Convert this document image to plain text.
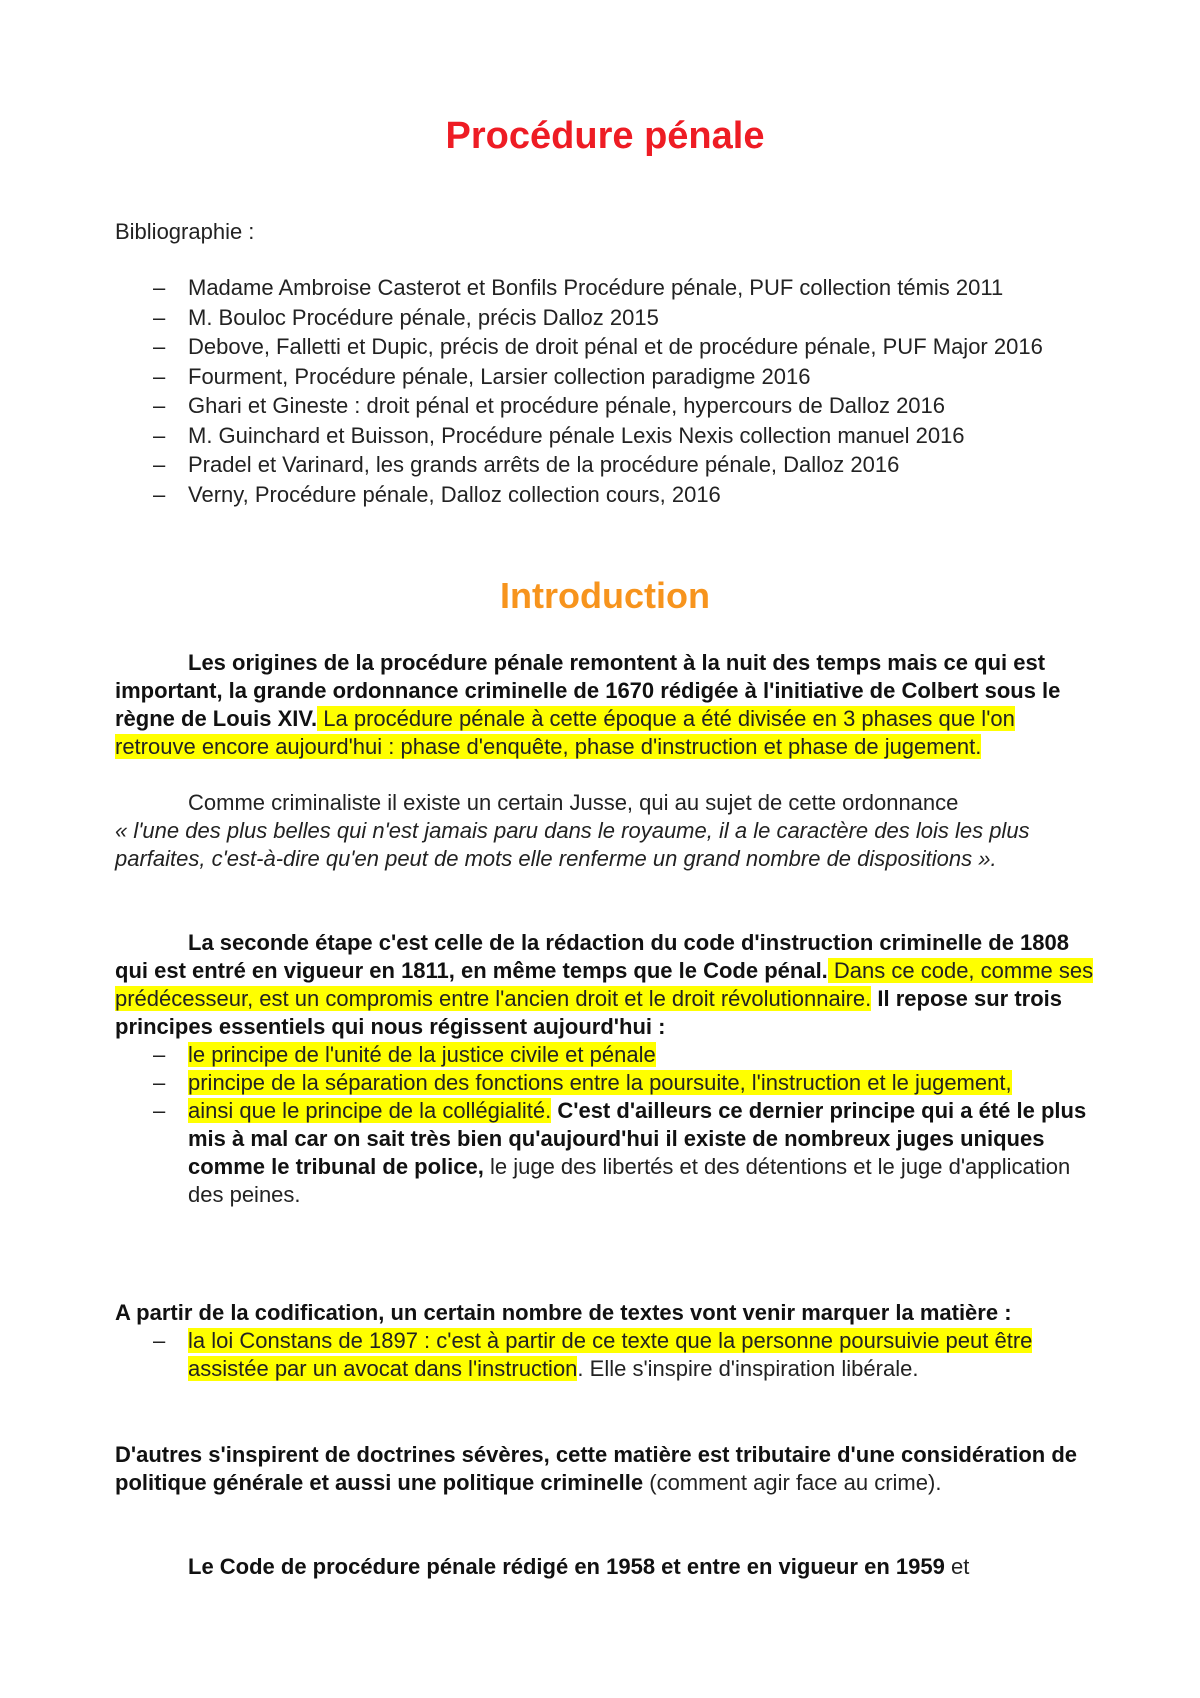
Procédure pénale

Bibliographie :

– Madame Ambroise Casterot et Bonfils Procédure pénale, PUF collection témis 2011
– M. Bouloc Procédure pénale, précis Dalloz 2015
– Debove, Falletti et Dupic, précis de droit pénal et de procédure pénale, PUF Major 2016
– Fourment, Procédure pénale, Larsier collection paradigme 2016
– Ghari et Gineste : droit pénal et procédure pénale, hypercours de Dalloz 2016
– M. Guinchard et Buisson, Procédure pénale Lexis Nexis collection manuel 2016
– Pradel et Varinard, les grands arrêts de la procédure pénale, Dalloz 2016
– Verny, Procédure pénale, Dalloz collection cours, 2016
Introduction

Les origines de la procédure pénale remontent à la nuit des temps mais ce qui est important, la grande ordonnance criminelle de 1670 rédigée à l'initiative de Colbert sous le règne de Louis XIV. La procédure pénale à cette époque a été divisée en 3 phases que l'on retrouve encore aujourd'hui : phase d'enquête, phase d'instruction et phase de jugement.

Comme criminaliste il existe un certain Jusse, qui au sujet de cette ordonnance

« l'une des plus belles qui n'est jamais paru dans le royaume, il a le caractère des lois les plus parfaites, c'est-à-dire qu'en peut de mots elle renferme un grand nombre de dispositions ».

La seconde étape c'est celle de la rédaction du code d'instruction criminelle de 1808 qui est entré en vigueur en 1811, en même temps que le Code pénal. Dans ce code, comme ses prédécesseur, est un compromis entre l'ancien droit et le droit révolutionnaire. Il repose sur trois principes essentiels qui nous régissent aujourd'hui :

– le principe de l'unité de la justice civile et pénale
– principe de la séparation des fonctions entre la poursuite, l'instruction et le jugement,
– ainsi que le principe de la collégialité. C'est d'ailleurs ce dernier principe qui a été le plus mis à mal car on sait très bien qu'aujourd'hui il existe de nombreux juges uniques comme le tribunal de police, le juge des libertés et des détentions et le juge d'application des peines.

A partir de la codification, un certain nombre de textes vont venir marquer la matière :

– la loi Constans de 1897 : c'est à partir de ce texte que la personne poursuivie peut être assistée par un avocat dans l'instruction. Elle s'inspire d'inspiration libérale.

D'autres s'inspirent de doctrines sévères, cette matière est tributaire d'une considération de politique générale et aussi une politique criminelle (comment agir face au crime).

Le Code de procédure pénale rédigé en 1958 et entre en vigueur en 1959 et
